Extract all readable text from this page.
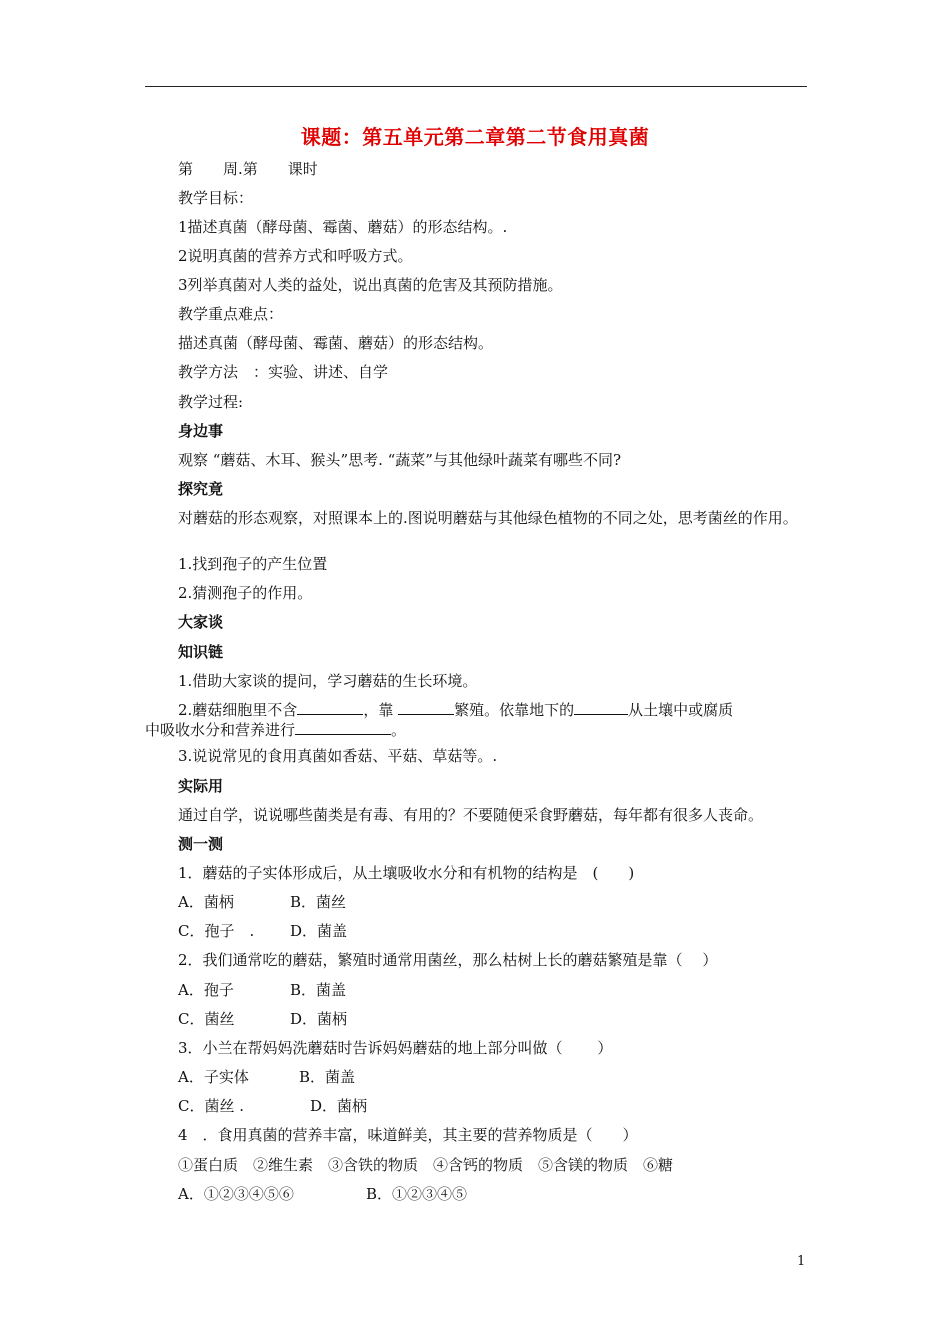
课题：第五单元第二章第二节食用真菌
第　　周.第　　课时
教学目标：
1描述真菌（酵母菌、霉菌、蘑菇）的形态结构。.
2说明真菌的营养方式和呼吸方式。
3列举真菌对人类的益处，说出真菌的危害及其预防措施。
教学重点难点：
描述真菌（酵母菌、霉菌、蘑菇）的形态结构。
教学方法　：实验、讲述、自学
教学过程:
身边事
观察 “蘑菇、木耳、猴头”思考. “蔬菜”与其他绿叶蔬菜有哪些不同?
探究竟
对蘑菇的形态观察，对照课本上的.图说明蘑菇与其他绿色植物的不同之处，思考菌丝的作用。
1.找到孢子的产生位置
2.猜测孢子的作用。
大家谈
知识链
1.借助大家谈的提问，学习蘑菇的生长环境。
2.蘑菇细胞里不含	，靠	繁殖。依靠地下的	从土壤中或腐质
中吸收水分和营养进行	。
3.说说常见的食用真菌如香菇、平菇、草菇等。.
实际用
通过自学，说说哪些菌类是有毒、有用的？不要随便采食野蘑菇，每年都有很多人丧命。
测一测
1．蘑菇的子实体形成后，从土壤吸收水分和有机物的结构是　(　　)
A．菌柄	B．菌丝
C．孢子　. D．菌盖
2．我们通常吃的蘑菇，繁殖时通常用菌丝，那么枯树上长的蘑菇繁殖是靠（　 ）
A．孢子	B．菌盖
C．菌丝	D．菌柄
3．小兰在帮妈妈洗蘑菇时告诉妈妈蘑菇的地上部分叫做（　　 ）
A．子实体	B．菌盖
C．菌丝 .	D．菌柄
4　．食用真菌的营养丰富，味道鲜美，其主要的营养物质是（　　）
①蛋白质　②维生素　③含铁的物质　④含钙的物质　⑤含镁的物质　⑥糖
A．①②③④⑤⑥	B．①②③④⑤
1
